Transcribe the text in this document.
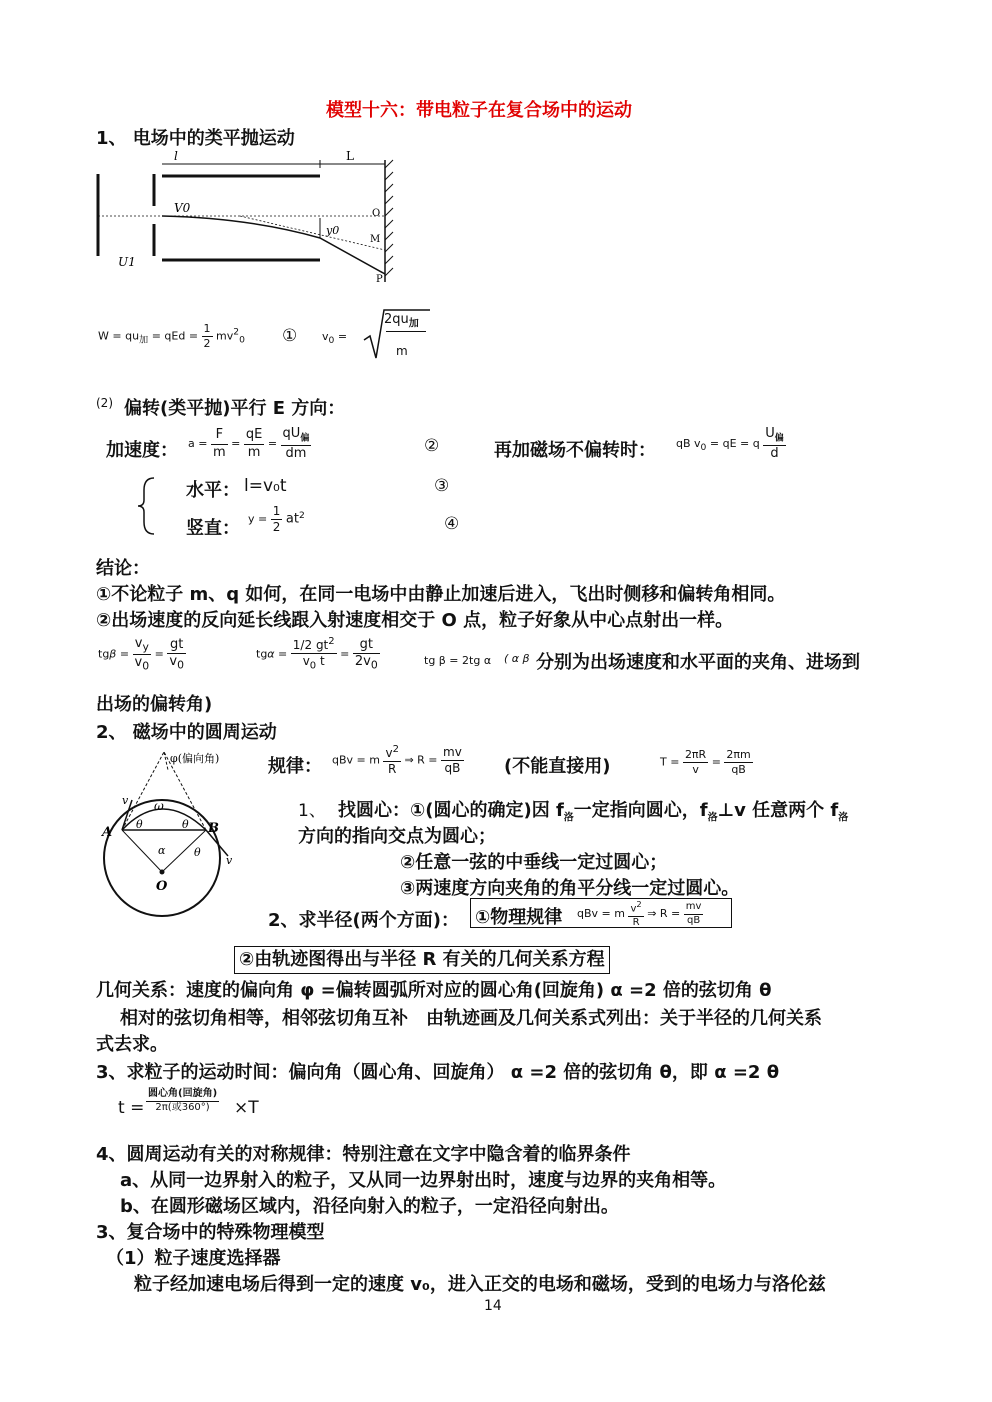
模型十六：带电粒子在复合场中的运动
1、 电场中的类平抛运动
l	L
V0
y0
O
M
P
U1
$W = qu_加$ = qEd = $\frac{1}{2} mv^2_0$ ① $v_0$ =
$2qu_加$
m
(2) 偏转(类平抛)平行 E 方向：
加速度： $a = \frac{F}{m} = \frac{qE}{m} = \frac{qU_偏}{dm}$	②	再加磁场不偏转时： qB $v_0$ = qE = q $\frac{U_偏}{d}$
水平： l=v₀t	③
竖直： $y = \frac{1}{2} at^2$	④
结论：
①不论粒子 m、q 如何，在同一电场中由静止加速后进入，飞出时侧移和偏转角相同。
②出场速度的反向延长线跟入射速度相交于 O 点，粒子好象从中心点射出一样。
$tg\beta = \frac{v_y}{v_0} = \frac{gt}{v_0}$	$tg\alpha = \frac{1/2 gt^2}{v_0 t} = \frac{gt}{2v_0}$	tg β = 2tg α ( α β 分别为出场速度和水平面的夹角、进场到
出场的偏转角)
2、 磁场中的圆周运动
φ(偏向角)
v ω
A	B
θ	θ
θ
α
v
O
规律： qBv = m $\frac{v^2}{R}$ ⇒ $R = \frac{mv}{qB}$ (不能直接用)	$T = \frac{2\pi R}{v} = \frac{2\pi m}{qB}$
1、 找圆心：①(圆心的确定)因 $f_洛$一定指向圆心，$f_洛\perp v$ 任意两个 $f_洛$
方向的指向交点为圆心；
②任意一弦的中垂线一定过圆心；
③两速度方向夹角的角平分线一定过圆心。
2、求半径(两个方面)： ①物理规律 qBv = m $\frac{v^2}{R}$ ⇒ $R = \frac{mv}{qB}$
②由轨迹图得出与半径 R 有关的几何关系方程
几何关系：速度的偏向角 φ =偏转圆弧所对应的圆心角(回旋角) α =2 倍的弦切角 θ
相对的弦切角相等，相邻弦切角互补　由轨迹画及几何关系式列出：关于半径的几何关系
式去求。
3、求粒子的运动时间：偏向角（圆心角、回旋角） α =2 倍的弦切角 θ，即 α =2 θ
$t = \frac{\text{圆心角(回旋角)}}{\text{2π(或360°)}} \times T$
4、圆周运动有关的对称规律：特别注意在文字中隐含着的临界条件
a、从同一边界射入的粒子，又从同一边界射出时，速度与边界的夹角相等。
b、在圆形磁场区域内，沿径向射入的粒子，一定沿径向射出。
3、复合场中的特殊物理模型
（1）粒子速度选择器
粒子经加速电场后得到一定的速度 v₀，进入正交的电场和磁场，受到的电场力与洛伦兹
14
